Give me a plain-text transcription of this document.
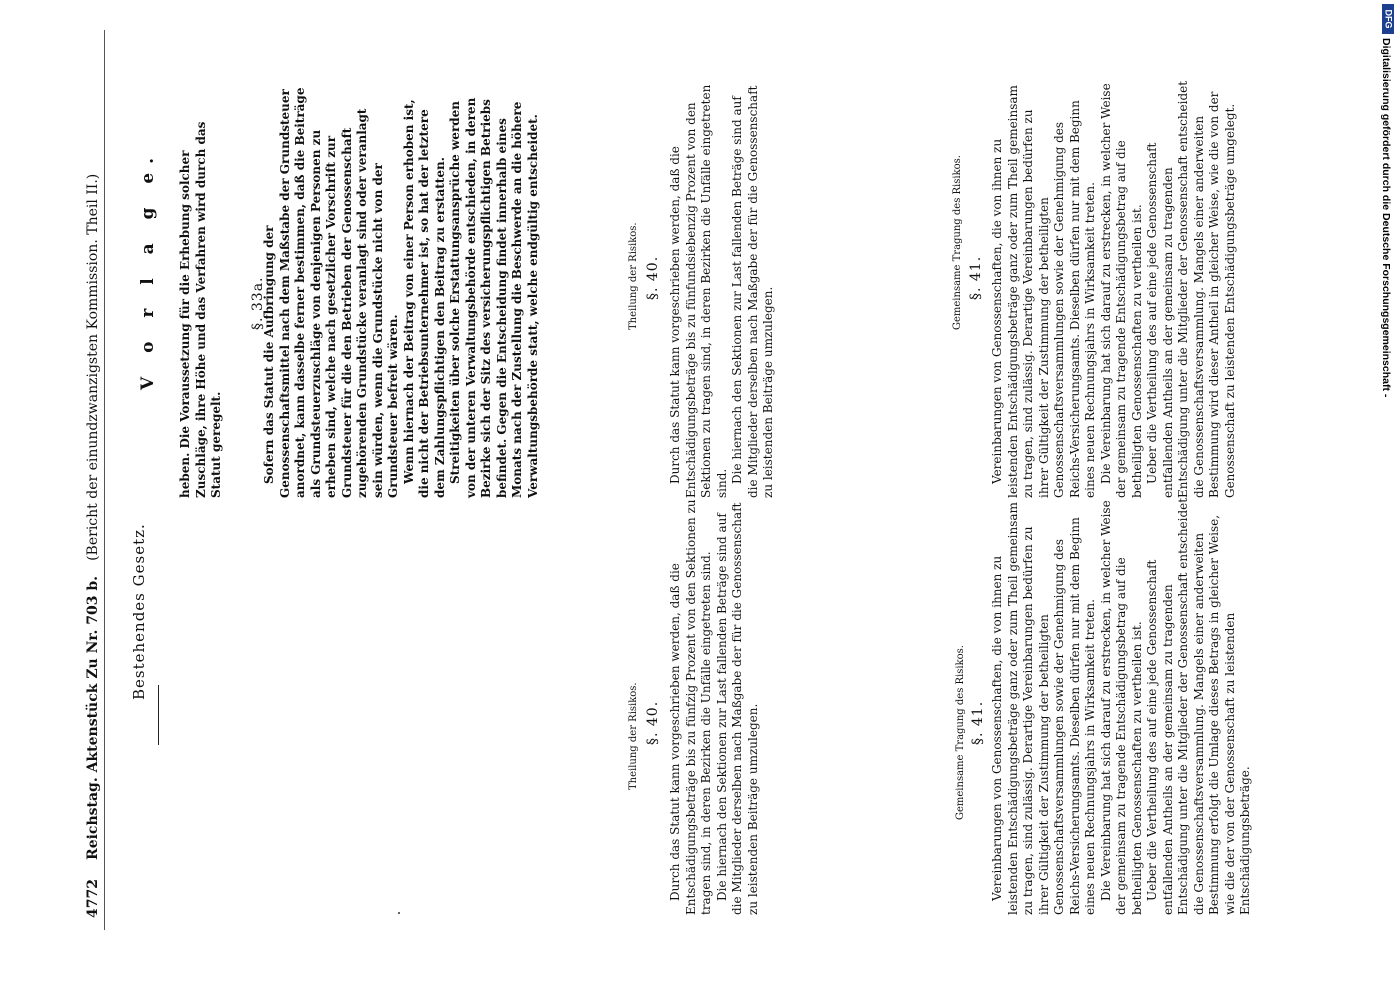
4772 Reichstag. Aktenstück Zu Nr. 703 b. (Bericht der einundzwanzigsten Kommission. Theil II.)
Bestehendes Gesetz.
V o r l a g e. heben. Die Voraussetzung für die Erhebung solcher Zuschläge, ihre Höhe und das Verfahren wird durch das Statut geregelt.
§. 33a.

Sofern das Statut die Aufbringung der Genossenschaftsmittel nach dem Maßstabe der Grundsteuer anordnet, kann dasselbe ferner bestimmen, daß die Beiträge als Grundsteuerzuschläge von denjenigen Personen zu erheben sind, welche nach gesetzlicher Vorschrift zur Grundsteuer für die den Betrieben der Genossenschaft zugehörenden Grundstücke veranlagt sind oder veranlagt sein würden, wenn die Grundstücke nicht von der Grundsteuer befreit wären. Wenn hiernach der Beitrag von einer Person erhoben ist, die nicht der Betriebsunternehmer ist, so hat der letztere dem Zahlungspflichtigen den Beitrag zu erstatten. Streitigkeiten über solche Erstattungsansprüche werden von der unteren Verwaltungsbehörde entschieden, in deren Bezirke sich der Sitz des versicherungspflichtigen Betriebs befindet. Gegen die Entscheidung findet innerhalb eines Monats nach der Zustellung die Beschwerde an die höhere Verwaltungsbehörde statt, welche endgültig entscheidet.	Theilung der Risikos. §. 40. Durch das Statut kann vorgeschrieben werden, daß die Entschädigungsbeträge bis zu fünfundsiebenzig Prozent von den Sektionen zu tragen sind, in deren Bezirken die Unfälle eingetreten sind. Die hiernach den Sektionen zur Last fallenden Beträge sind auf die Mitglieder derselben nach Maßgabe der für die Genossenschaft zu leistenden Beiträge umzulegen.

Gemeinsame Tragung des Risikos. §. 41. Vereinbarungen von Genossenschaften, die von ihnen zu leistenden Entschädigungsbeträge ganz oder zum Theil gemeinsam zu tragen, sind zulässig. Derartige Vereinbarungen bedürfen zu ihrer Gültigkeit der Zustimmung der betheiligten Genossenschaftsversammlungen sowie der Genehmigung des Reichs-Versicherungsamts. Dieselben dürfen nur mit dem Beginn eines neuen Rechnungsjahrs in Wirksamkeit treten. Die Vereinbarung hat sich darauf zu erstrecken, in welcher Weise der gemeinsam zu tragende Entschädigungsbetrag auf die betheiligten Genossenschaften zu vertheilen ist. Ueber die Vertheilung des auf eine jede Genossenschaft entfallenden Antheils an der gemeinsam zu tragenden Entschädigung unter die Mitglieder der Genossenschaft entscheidet die Genossenschaftsversammlung. Mangels einer anderweiten Bestimmung wird dieser Antheil in gleicher Weise, wie die von der Genossenschaft zu leistenden Entschädigungsbeträge umgelegt.

Theilung der Risikos. §. 40. Durch das Statut kann vorgeschrieben werden, daß die Entschädigungsbeträge bis zu fünfzig Prozent von den Sektionen zu tragen sind, in deren Bezirken die Unfälle eingetreten sind. Die hiernach den Sektionen zur Last fallenden Beträge sind auf die Mitglieder derselben nach Maßgabe der für die Genossenschaft zu leistenden Beiträge umzulegen.	Gemeinsame Tragung des Risikos. §. 41. Vereinbarungen von Genossenschaften, die von ihnen zu leistenden Entschädigungsbeträge ganz oder zum Theil gemeinsam zu tragen, sind zulässig. Derartige Vereinbarungen bedürfen zu ihrer Gültigkeit der Zustimmung der betheiligten Genossenschaftsversammlungen sowie der Genehmigung des Reichs-Versicherungsamts. Dieselben dürfen nur mit dem Beginn eines neuen Rechnungsjahrs in Wirksamkeit treten. Die Vereinbarung hat sich darauf zu erstrecken, in welcher Weise der gemeinsam zu tragende Entschädigungsbetrag auf die betheiligten Genossenschaften zu vertheilen ist. Ueber die Vertheilung des auf eine jede Genossenschaft entfallenden Antheils an der gemeinsam zu tragenden Entschädigung unter die Mitglieder der Genossenschaft entscheidet die Genossenschaftsversammlung. Mangels einer anderweiten Bestimmung erfolgt die Umlage dieses Betrags in gleicher Weise, wie die der von der Genossenschaft zu leistenden Entschädigungsbeträge.

DFG
Digitalisierung gefördert durch die Deutsche Forschungsgemeinschaft -
